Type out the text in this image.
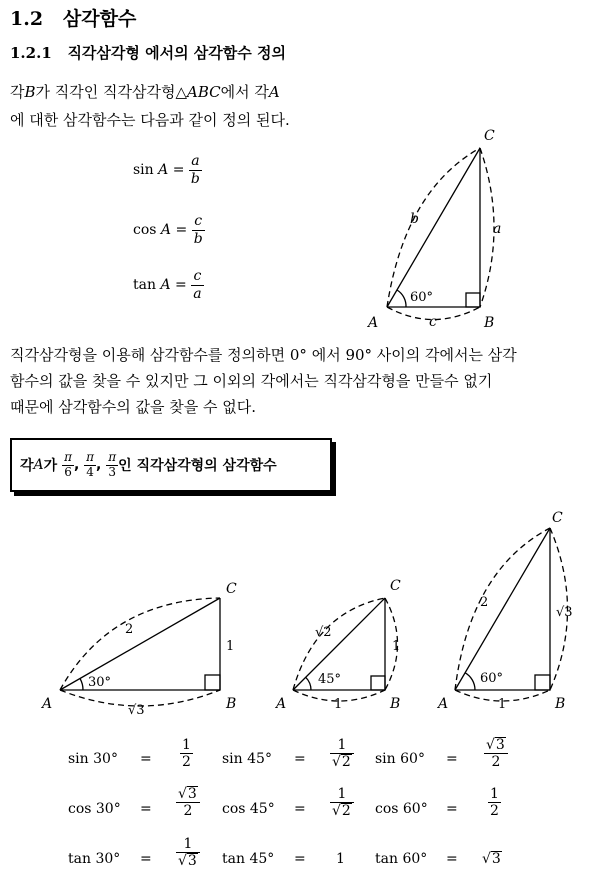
1.2 삼각함수
1.2.1 직각삼각형 에서의 삼각함수 정의
각B가 직각인 직각삼각형△ABC에서 각A
에 대한 삼각함수는 다음과 같이 정의 된다.
sin
$A = \frac{a}{b}$
cos
$A = \frac{c}{b}$
tan
$A = \frac{c}{a}$
A	B
C
a
b
c
60°
직각삼각형을 이용해 삼각함수를 정의하면 0° 에서 90° 사이의 각에서는 삼각
함수의 값을 찾을 수 있지만 그 이외의 각에서는 직각삼각형을 만들수 없기
때문에 삼각함수의 값을 찾을 수 없다.
각 A 가
$\frac{\pi}{6}$ , $\frac{\pi}{4}$ , $\frac{\pi}{3}$ 인 직각삼각형의 삼각함수
A	B
C
A	B
C
A	B
C
2
1
√3
30°
√2
1
1
45°
2
√3
1
60°
$\sin 30^\circ = \frac{1}{2}$ $\sin 45^\circ = \frac{1}{√ 2}$ $\sin 60^\circ = \frac{√ 3}{2}$
$\cos 30^\circ = \frac{√ 3}{2}$ $\cos 45^\circ = \frac{1}{√ 2}$ $\cos 60^\circ = \frac{1}{2}$
$\tan 30^\circ = \frac{1}{√ 3}$ tan 45° = 1 tan 60° = √ 3
